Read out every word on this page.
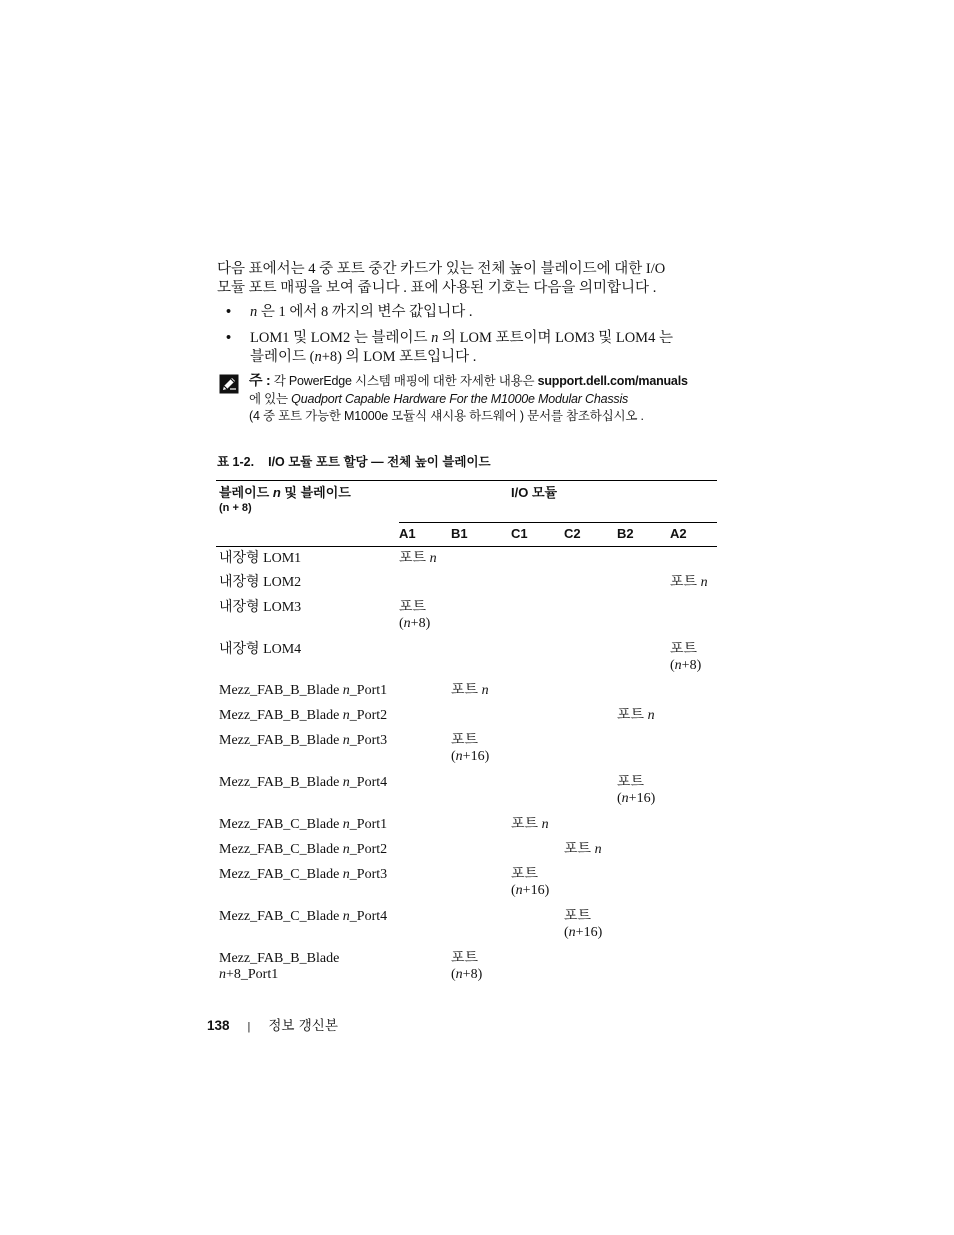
다음 표에서는 4 중 포트 중간 카드가 있는 전체 높이 블레이드에 대한 I/O

모듈 포트 매핑을 보여 줍니다 . 표에 사용된 기호는 다음을 의미합니다 .

• n 은 1 에서 8 까지의 변수 값입니다 .
• LOM1 및 LOM2 는 블레이드 n 의 LOM 포트이며 LOM3 및 LOM4 는
블레이드 (n+8) 의 LOM 포트입니다 .
주 : 각 PowerEdge 시스템 매핑에 대한 자세한 내용은 support.dell.com/manuals
에 있는 Quadport Capable Hardware For the M1000e Modular Chassis
(4 중 포트 가능한 M1000e 모듈식 섀시용 하드웨어 ) 문서를 참조하십시오 .
표 1-2. I/O 모듈 포트 할당 — 전체 높이 블레이드
블레이드 n 및 블레이드
(n + 8)	I/O 모듈					
	A1	B1	C1	C2	B2	A2
내장형 LOM1	포트 n					
내장형 LOM2						포트 n
내장형 LOM3	포트
(n+8)					
내장형 LOM4						포트
(n+8)
Mezz_FAB_B_Blade n_Port1		포트 n				
Mezz_FAB_B_Blade n_Port2					포트 n	
Mezz_FAB_B_Blade n_Port3		포트
(n+16)				
Mezz_FAB_B_Blade n_Port4					포트
(n+16)	
Mezz_FAB_C_Blade n_Port1			포트 n			
Mezz_FAB_C_Blade n_Port2				포트 n		
Mezz_FAB_C_Blade n_Port3			포트
(n+16)			
Mezz_FAB_C_Blade n_Port4				포트
(n+16)		
Mezz_FAB_B_Blade
n+8_Port1		포트
(n+8)				
138 | 정보 갱신본
